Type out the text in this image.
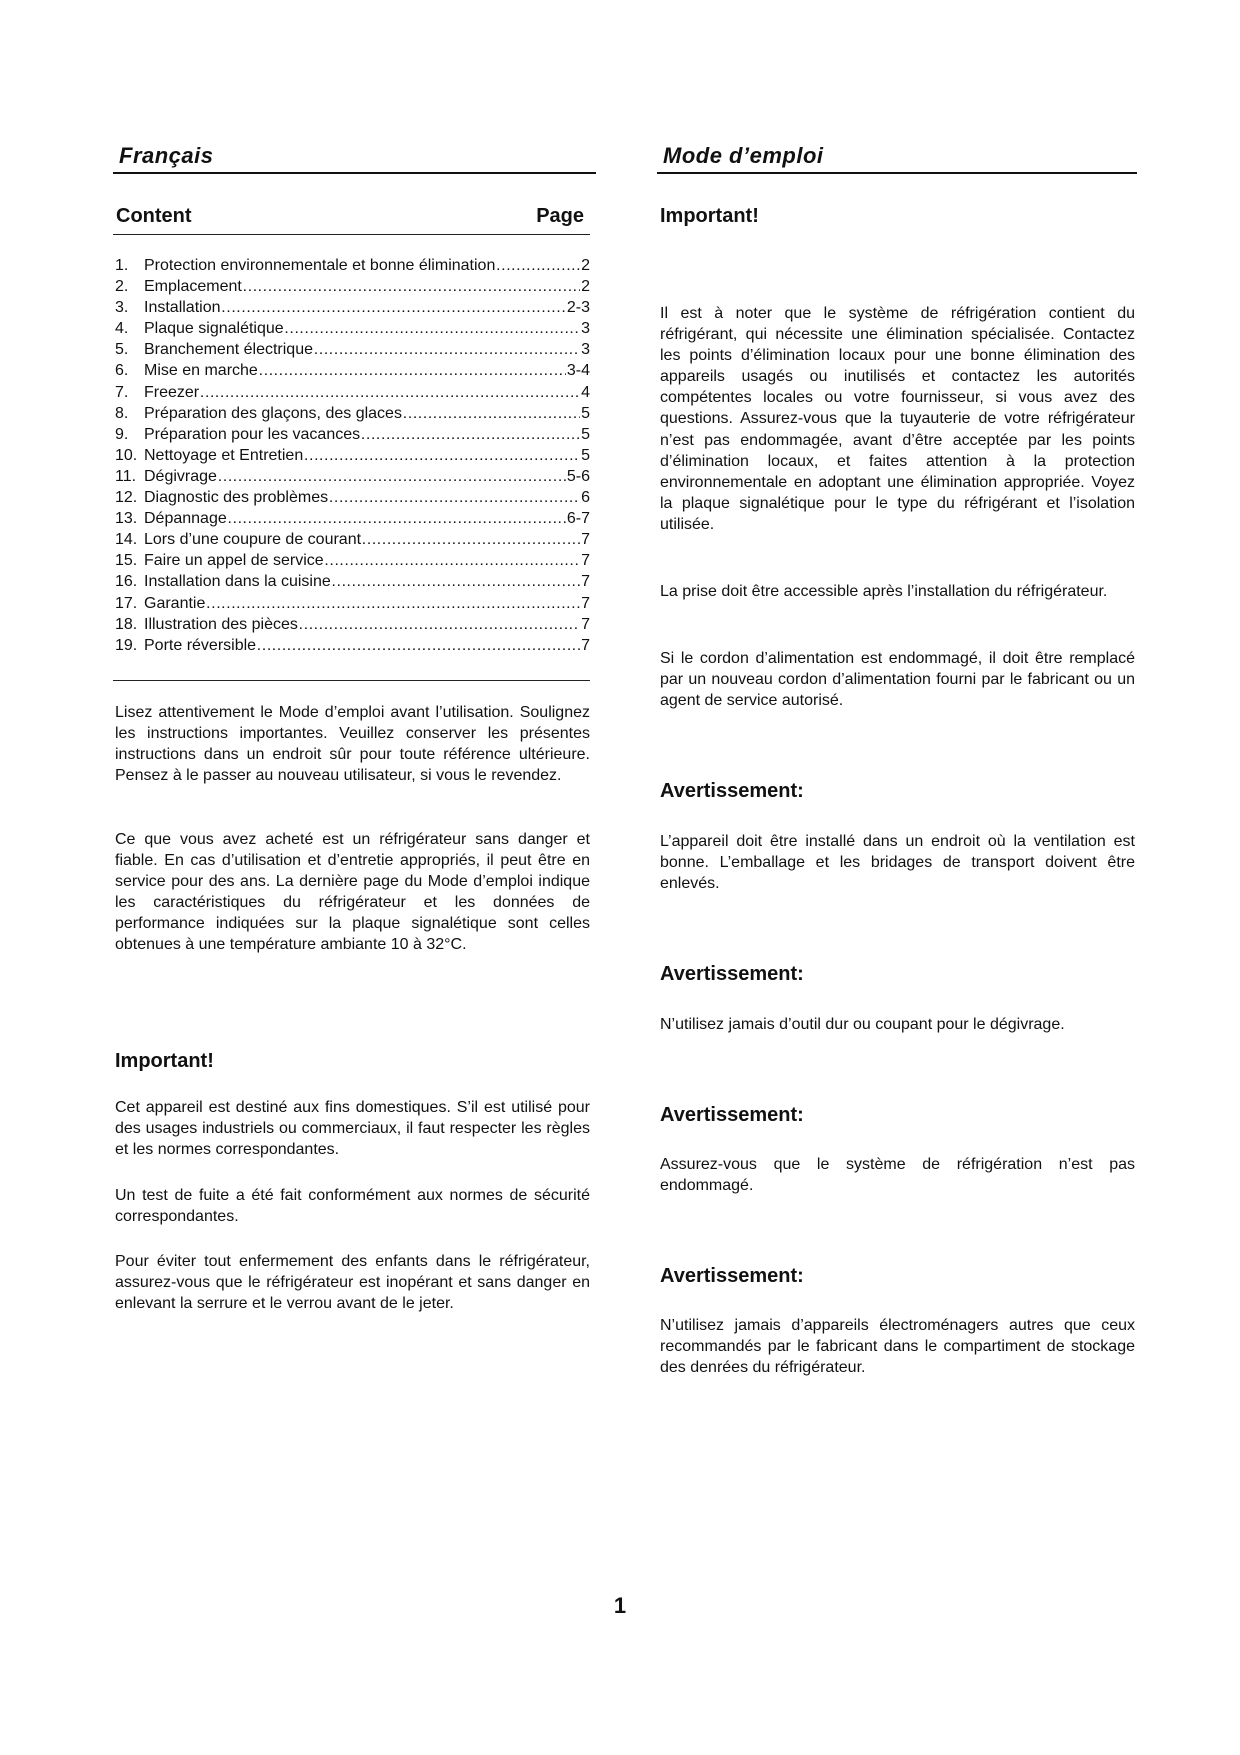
Français	Mode d’emploi
Content	Page
1. Protection environnementale et bonne élimination ……………………………………………………………………………………………………………………………………	2
2. Emplacement ……………………………………………………………………………………………………………………………………	2
3. Installation ……………………………………………………………………………………………………………………………………	2-3
4. Plaque signalétique ……………………………………………………………………………………………………………………………………	3
5. Branchement électrique ……………………………………………………………………………………………………………………………………	3
6. Mise en marche ……………………………………………………………………………………………………………………………………	3-4
7. Freezer ……………………………………………………………………………………………………………………………………	4
8. Préparation des glaçons, des glaces ……………………………………………………………………………………………………………………………………	5
9. Préparation pour les vacances ……………………………………………………………………………………………………………………………………	5
10. Nettoyage et Entretien ……………………………………………………………………………………………………………………………………	5
11. Dégivrage ……………………………………………………………………………………………………………………………………	5-6
12. Diagnostic des problèmes ……………………………………………………………………………………………………………………………………	6
13. Dépannage ……………………………………………………………………………………………………………………………………	6-7
14. Lors d’une coupure de courant ……………………………………………………………………………………………………………………………………	7
15. Faire un appel de service ……………………………………………………………………………………………………………………………………	7
16. Installation dans la cuisine ……………………………………………………………………………………………………………………………………	7
17. Garantie ……………………………………………………………………………………………………………………………………	7
18. Illustration des pièces ……………………………………………………………………………………………………………………………………	7
19. Porte réversible ……………………………………………………………………………………………………………………………………	7

Lisez attentivement le Mode d’emploi avant l’utilisation. Soulignez les instructions importantes. Veuillez conserver les présentes instructions dans un endroit sûr pour toute référence ultérieure. Pensez à le passer au nouveau utilisateur, si vous le revendez.

Ce que vous avez acheté est un réfrigérateur sans danger et fiable. En cas d’utilisation et d’entretie appropriés, il peut être en service pour des ans. La dernière page du Mode d’emploi indique les caractéristiques du réfrigérateur et les données de performance indiquées sur la plaque signalétique sont celles obtenues à une température ambiante 10 à 32°C.

Important!

Cet appareil est destiné aux fins domestiques. S’il est utilisé pour des usages industriels ou commerciaux, il faut respecter les règles et les normes correspondantes.

Un test de fuite a été fait conformément aux normes de sécurité correspondantes.

Pour éviter tout enfermement des enfants dans le réfrigérateur, assurez-vous que le réfrigérateur est inopérant et sans danger en enlevant la serrure et le verrou avant de le jeter.

Important!

Il est à noter que le système de réfrigération contient du réfrigérant, qui nécessite une élimination spécialisée. Contactez les points d’élimination locaux pour une bonne élimination des appareils usagés ou inutilisés et contactez les autorités compétentes locales ou votre fournisseur, si vous avez des questions. Assurez-vous que la tuyauterie de votre réfrigérateur n’est pas endommagée, avant d’être acceptée par les points d’élimination locaux, et faites attention à la protection environnementale en adoptant une élimination appropriée. Voyez la plaque signalétique pour le type du réfrigérant et l’isolation utilisée.

La prise doit être accessible après l’installation du réfrigérateur.

Si le cordon d’alimentation est endommagé, il doit être remplacé par un nouveau cordon d’alimentation fourni par le fabricant ou un agent de service autorisé.

Avertissement:

L’appareil doit être installé dans un endroit où la ventilation est bonne. L’emballage et les bridages de transport doivent être enlevés.

Avertissement:

N’utilisez jamais d’outil dur ou coupant pour le dégivrage.

Avertissement:

Assurez-vous que le système de réfrigération n’est pas endommagé.

Avertissement:

N’utilisez jamais d’appareils électroménagers autres que ceux recommandés par le fabricant dans le compartiment de stockage des denrées du réfrigérateur.

1
